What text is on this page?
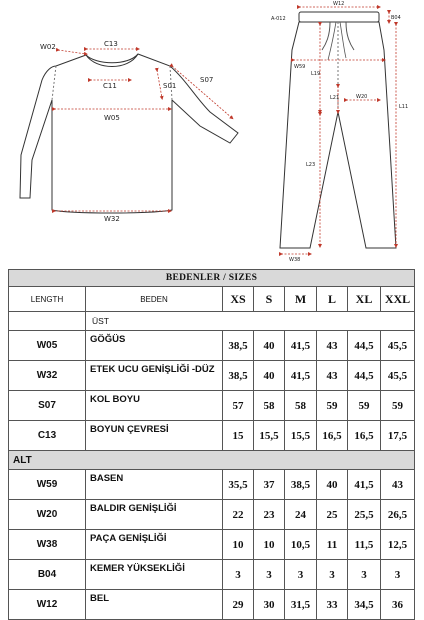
W02	C13
C11	S01
S07
W05
W32
A-012
W12
B04
W59
L19
L21	W20
L11
L23
W38
BEDENLER / SIZES							
LENGTH	BEDEN	XS	S	M	L	XL	XXL
	ÜST						
W05	GÖĞÜS	38,5	40	41,5	43	44,5	45,5
W32	ETEK UCU GENİŞLİĞİ -DÜZ	38,5	40	41,5	43	44,5	45,5
S07	KOL BOYU	57	58	58	59	59	59
C13	BOYUN ÇEVRESİ	15	15,5	15,5	16,5	16,5	17,5
ALT							
W59	BASEN	35,5	37	38,5	40	41,5	43
W20	BALDIR GENİŞLİĞİ	22	23	24	25	25,5	26,5
W38	PAÇA GENİŞLİĞİ	10	10	10,5	11	11,5	12,5
B04	KEMER YÜKSEKLİĞİ	3	3	3	3	3	3
W12	BEL	29	30	31,5	33	34,5	36
